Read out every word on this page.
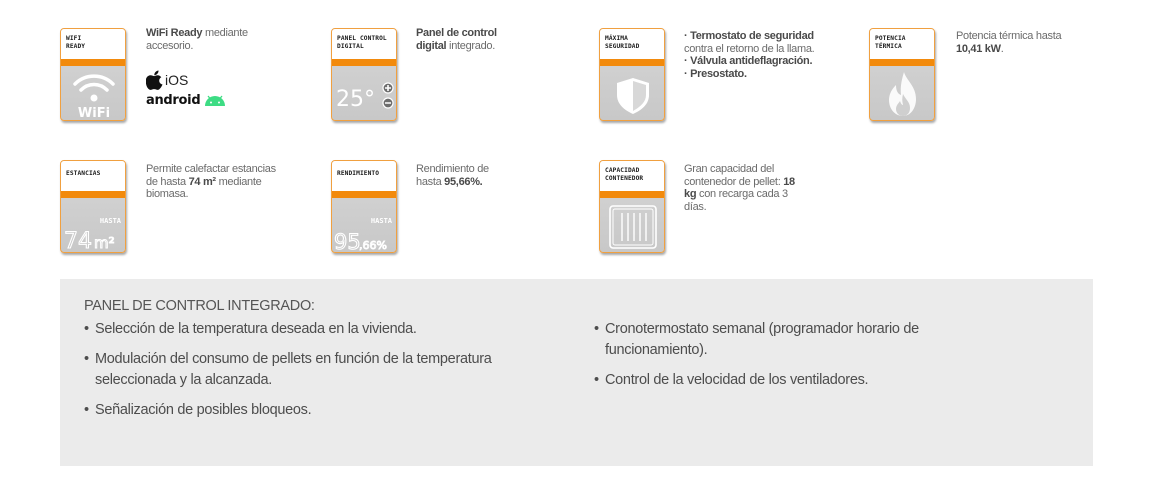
WIFI
READY
WiFi
WiFi Ready mediante accesorio.
iOS
android
PANEL CONTROL
DIGITAL
25°
Panel de control digital integrado.
MÁXIMA
SEGURIDAD
· Termostato de seguridad contra el retorno de la llama.
· Válvula antideflagración.
· Presostato.
POTENCIA
TÉRMICA
Potencia térmica hasta 10,41 kW.
ESTANCIAS
HASTA
74 m²
Permite calefactar estancias de hasta 74 m² mediante biomasa.
RENDIMIENTO
HASTA
95
,66%
Rendimiento de hasta 95,66%.
CAPACIDAD
CONTENEDOR
Gran capacidad del contenedor de pellet: 18 kg con recarga cada 3 días.
PANEL DE CONTROL INTEGRADO:
• Selección de la temperatura deseada en la vivienda.
• Modulación del consumo de pellets en función de la temperatura seleccionada y la alcanzada.
• Señalización de posibles bloqueos.
• Cronotermostato semanal (programador horario de funcionamiento).
• Control de la velocidad de los ventiladores.
